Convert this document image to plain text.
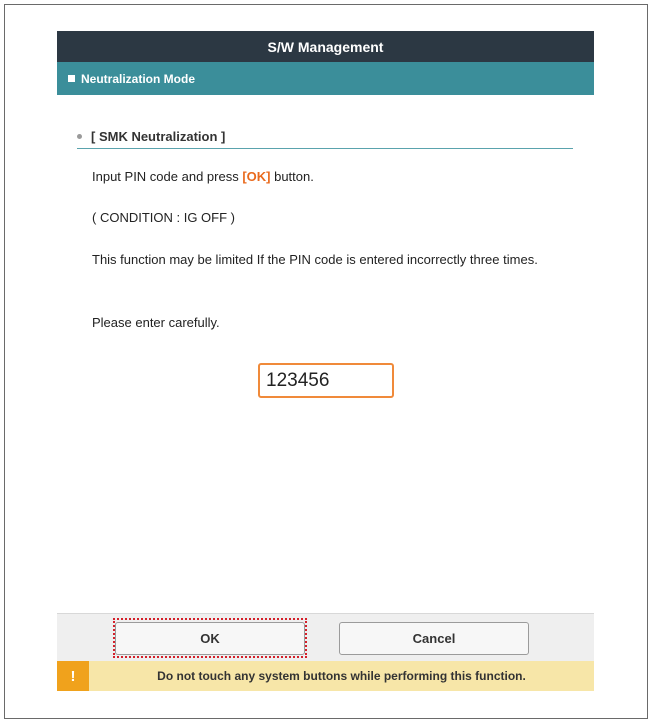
S/W Management
Neutralization Mode
[ SMK Neutralization ]
Input PIN code and press [OK] button.
( CONDITION : IG OFF )
This function may be limited If the PIN code is entered incorrectly three times.
Please enter carefully.
123456
OK	Cancel
!	Do not touch any system buttons while performing this function.
